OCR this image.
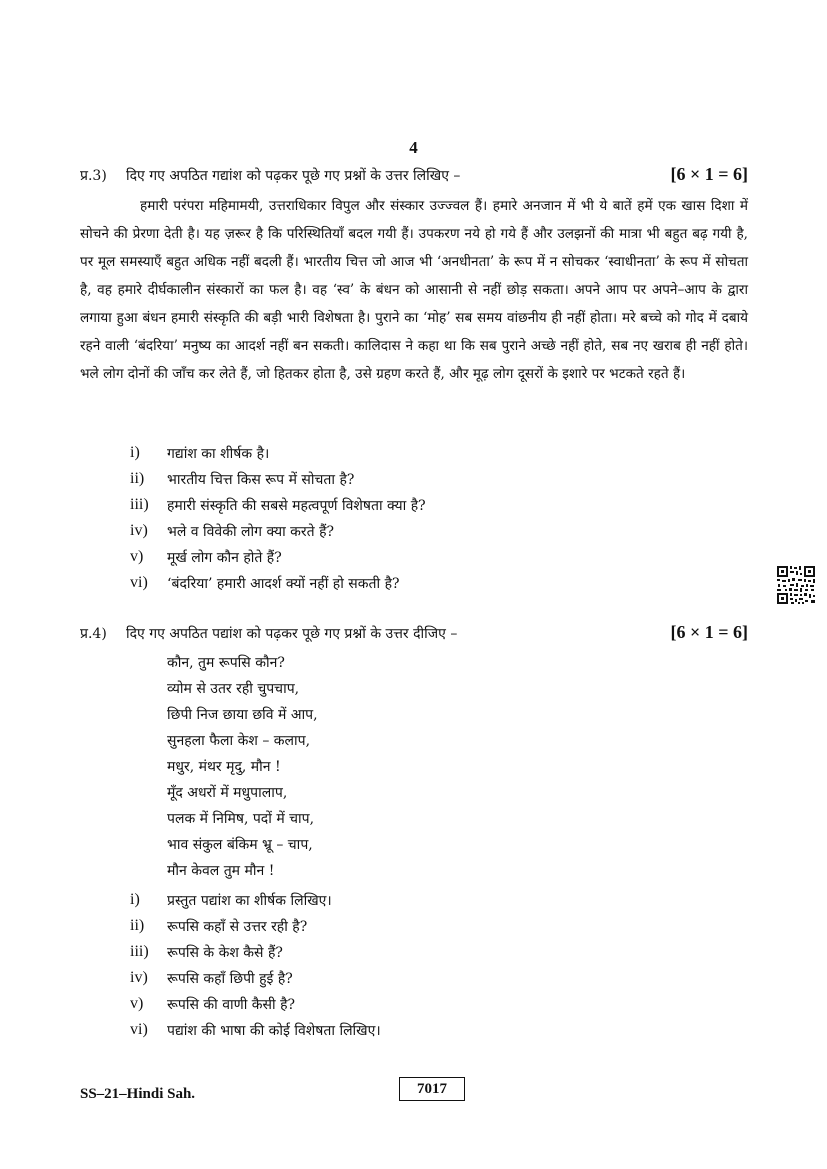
4
प्र.3) दिए गए अपठित गद्यांश को पढ़कर पूछे गए प्रश्नों के उत्तर लिखिए –	[6 × 1 = 6]

हमारी परंपरा महिमामयी, उत्तराधिकार विपुल और संस्कार उज्ज्वल हैं। हमारे अनजान में भी ये बातें हमें एक खास दिशा में सोचने की प्रेरणा देती है। यह ज़रूर है कि परिस्थितियाँ बदल गयी हैं। उपकरण नये हो गये हैं और उलझनों की मात्रा भी बहुत बढ़ गयी है, पर मूल समस्याएँ बहुत अधिक नहीं बदली हैं। भारतीय चित्त जो आज भी ‘अनधीनता’ के रूप में न सोचकर ‘स्वाधीनता’ के रूप में सोचता है, वह हमारे दीर्घकालीन संस्कारों का फल है। वह ‘स्व’ के बंधन को आसानी से नहीं छोड़ सकता। अपने आप पर अपने–आप के द्वारा लगाया हुआ बंधन हमारी संस्कृति की बड़ी भारी विशेषता है। पुराने का ‘मोह’ सब समय वांछनीय ही नहीं होता। मरे बच्चे को गोद में दबाये रहने वाली ‘बंदरिया’ मनुष्य का आदर्श नहीं बन सकती। कालिदास ने कहा था कि सब पुराने अच्छे नहीं होते, सब नए खराब ही नहीं होते। भले लोग दोनों की जाँच कर लेते हैं, जो हितकर होता है, उसे ग्रहण करते हैं, और मूढ़ लोग दूसरों के इशारे पर भटकते रहते हैं।

i) गद्यांश का शीर्षक है।
ii) भारतीय चित्त किस रूप में सोचता है?
iii) हमारी संस्कृति की सबसे महत्वपूर्ण विशेषता क्या है?
iv) भले व विवेकी लोग क्या करते हैं?
v) मूर्ख लोग कौन होते हैं?
vi) ‘बंदरिया’ हमारी आदर्श क्यों नहीं हो सकती है?
प्र.4) दिए गए अपठित पद्यांश को पढ़कर पूछे गए प्रश्नों के उत्तर दीजिए –	[6 × 1 = 6]
कौन, तुम रूपसि कौन?
व्योम से उतर रही चुपचाप,
छिपी निज छाया छवि में आप,
सुनहला फैला केश – कलाप,
मधुर, मंथर मृदु, मौन !
मूँद अधरों में मधुपालाप,
पलक में निमिष, पदों में चाप,
भाव संकुल बंकिम भ्रू – चाप,
मौन केवल तुम मौन !
i) प्रस्तुत पद्यांश का शीर्षक लिखिए।
ii) रूपसि कहाँ से उत्तर रही है?
iii) रूपसि के केश कैसे हैं?
iv) रूपसि कहाँ छिपी हुई है?
v) रूपसि की वाणी कैसी है?
vi) पद्यांश की भाषा की कोई विशेषता लिखिए।
SS–21–Hindi Sah.	7017
